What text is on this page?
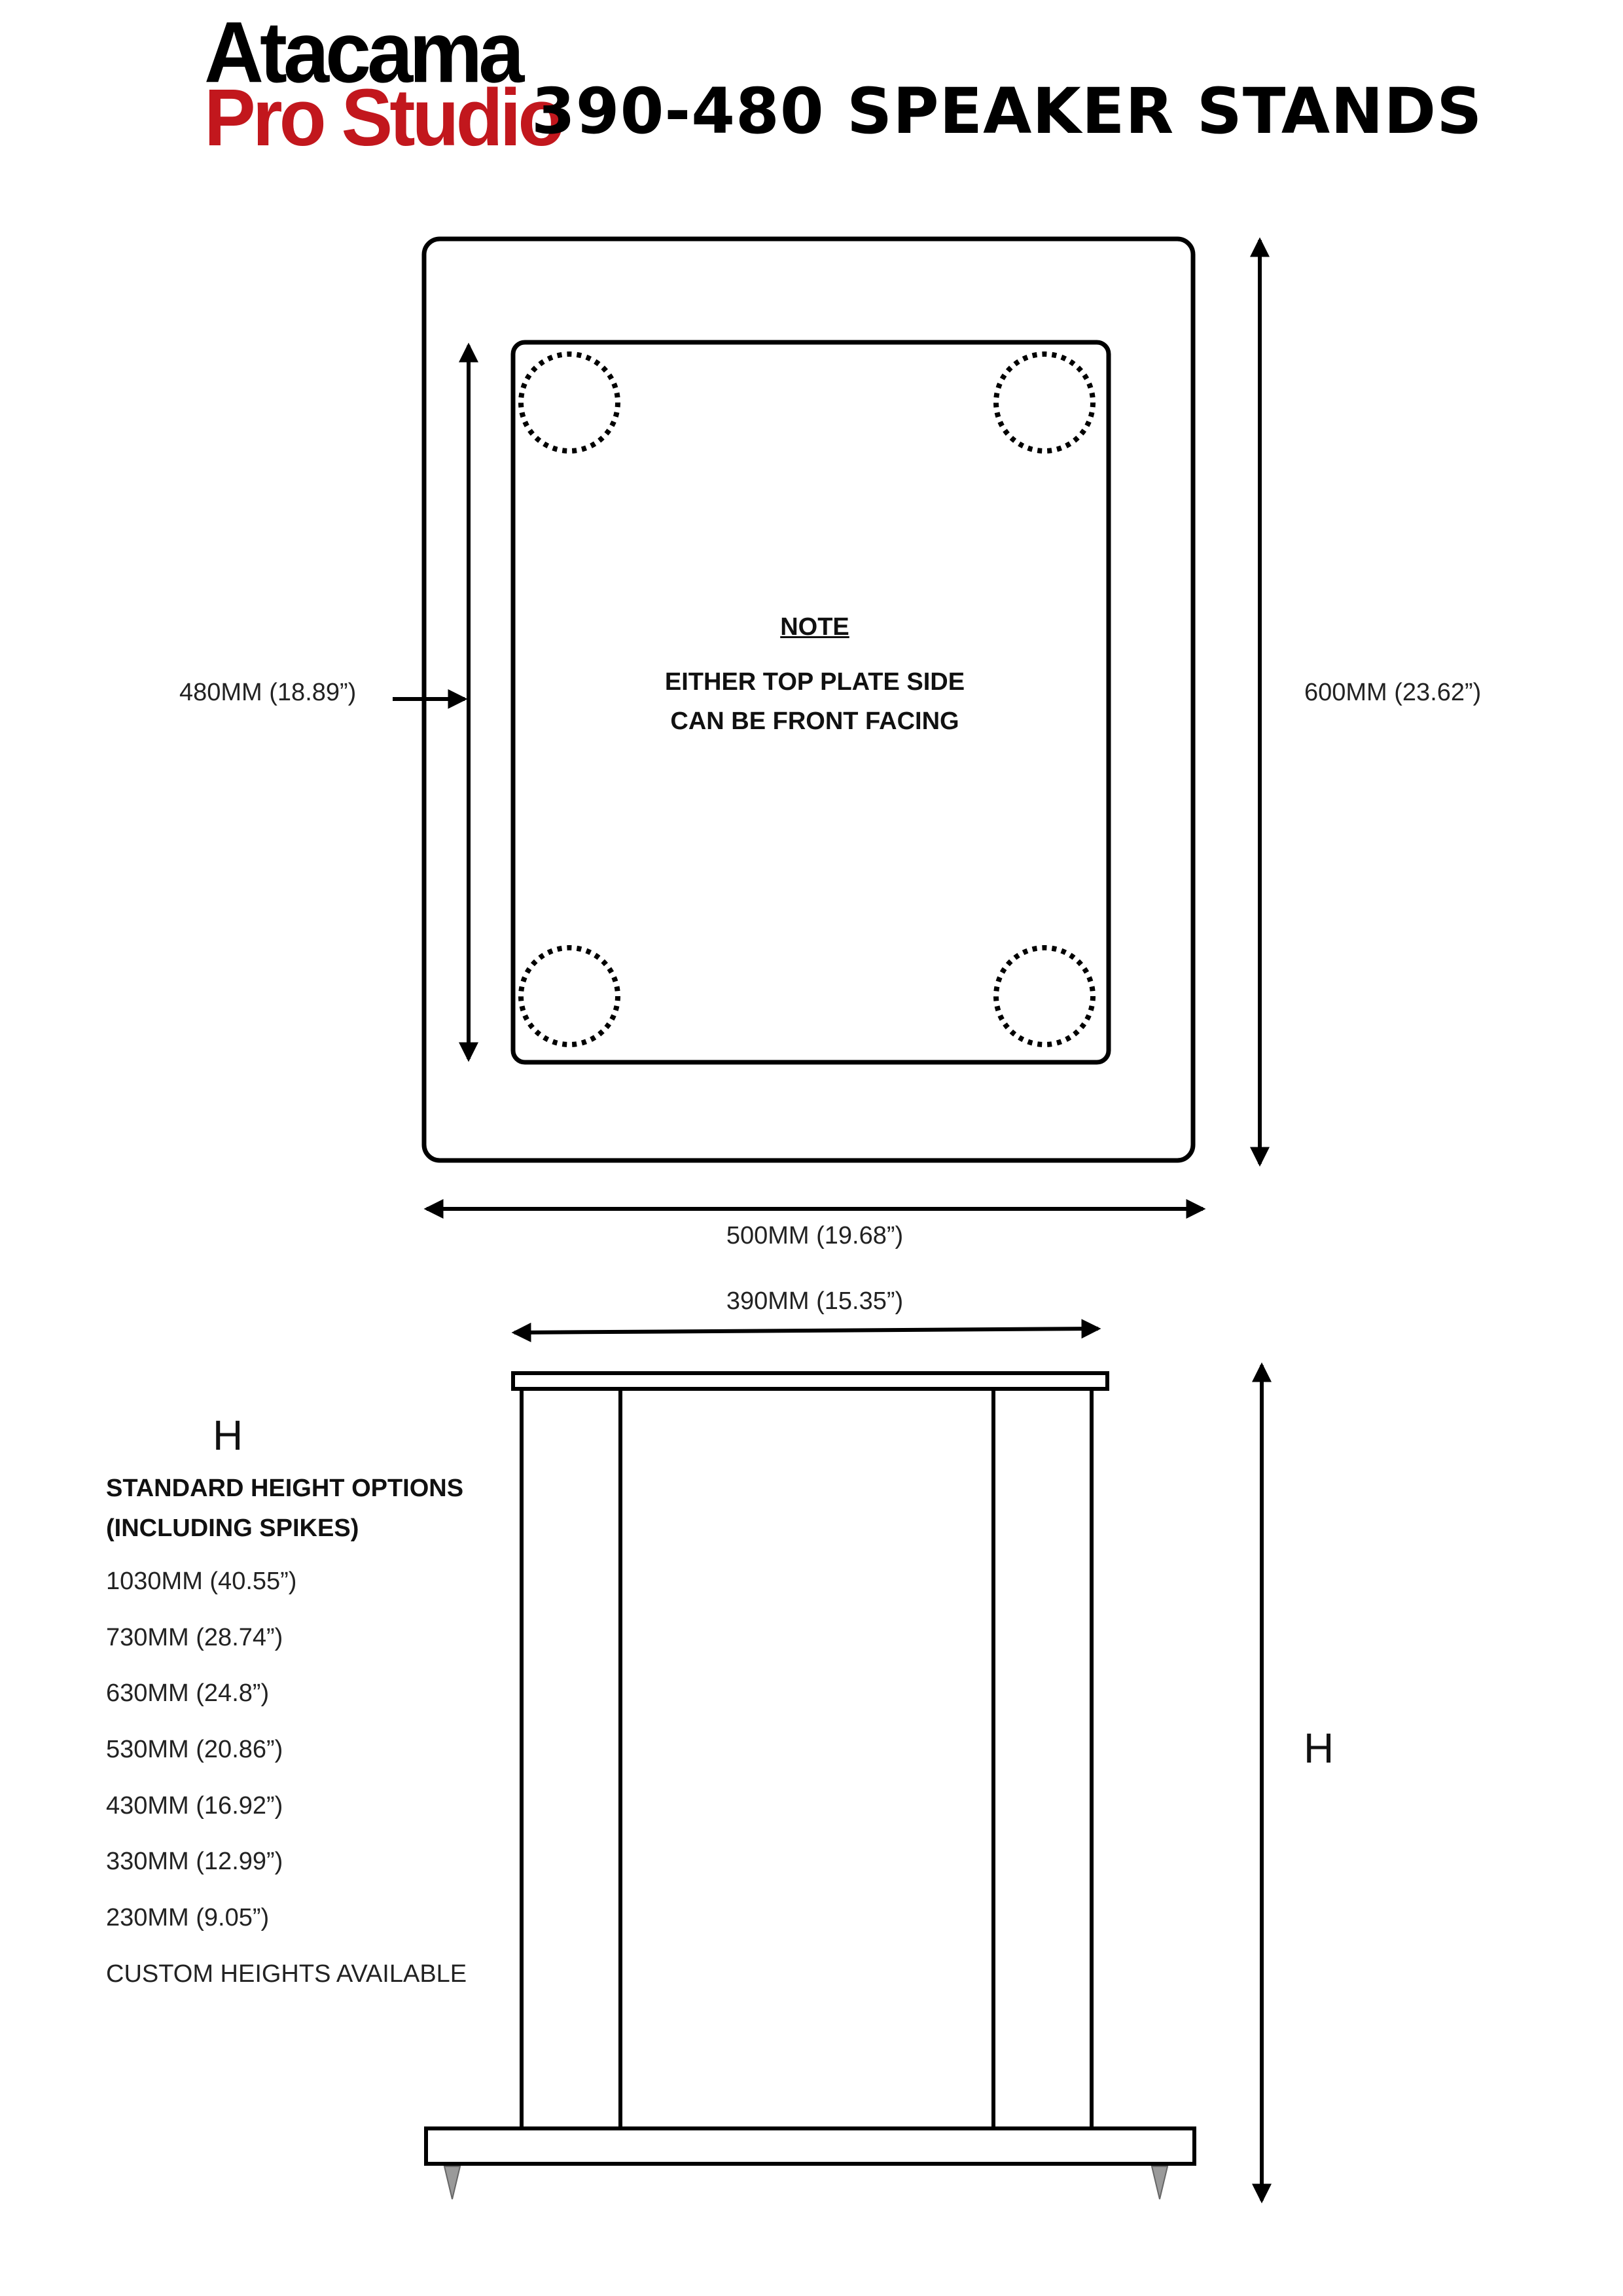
Atacama

Pro Studio

390-480 SPEAKER STANDS

480MM (18.89”)	600MM (23.62”)

500MM (19.68”)

NOTE

EITHER TOP PLATE SIDE

CAN BE FRONT FACING

390MM (15.35”)

H

H

STANDARD HEIGHT OPTIONS

(INCLUDING SPIKES)

1030MM (40.55”)
730MM (28.74”)
630MM (24.8”)
530MM (20.86”)
430MM (16.92”)
330MM (12.99”)
230MM (9.05”)
CUSTOM HEIGHTS AVAILABLE
